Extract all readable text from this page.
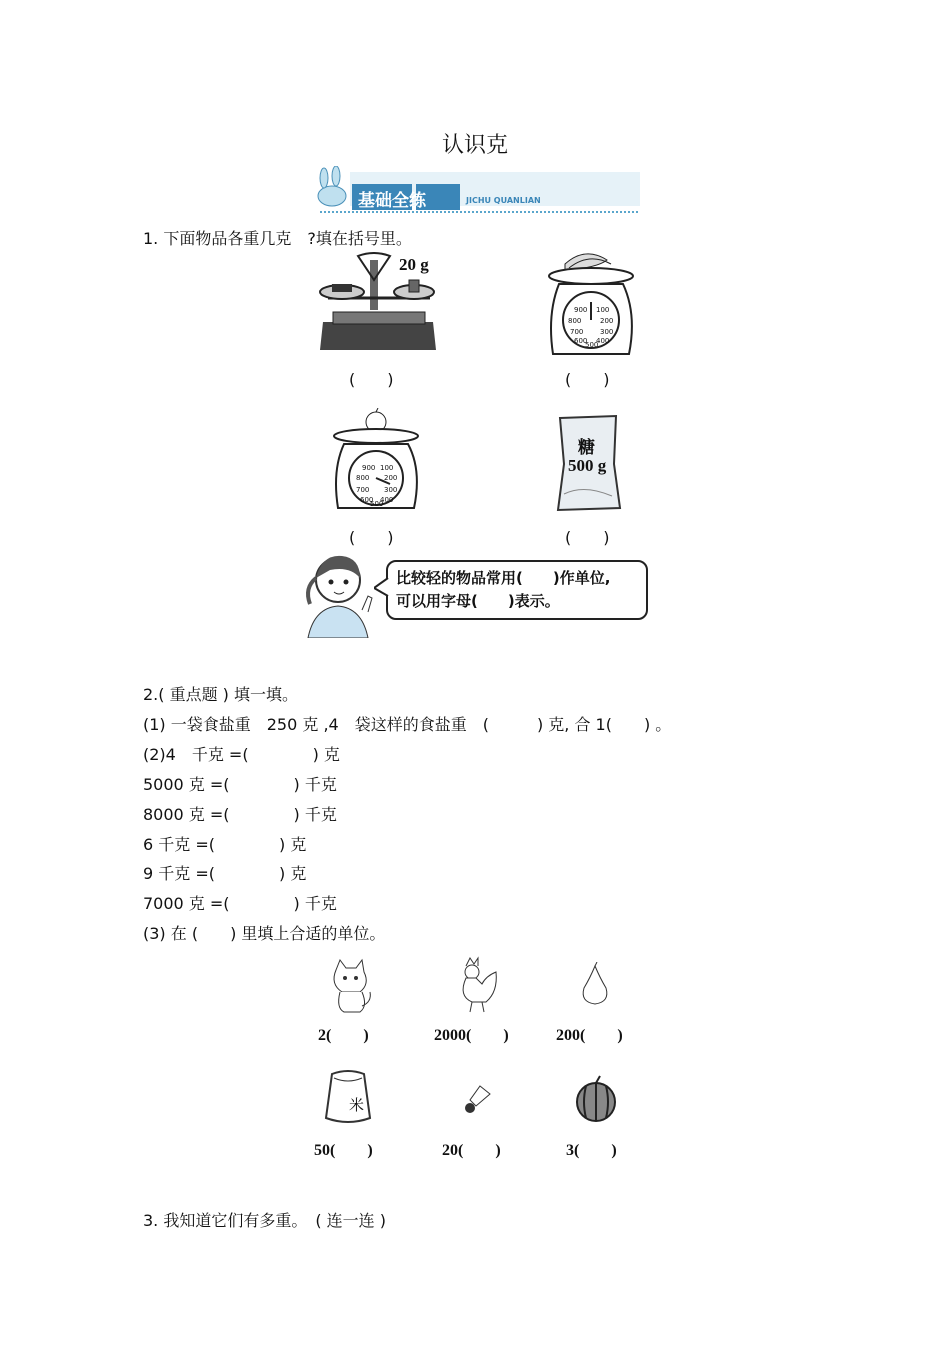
认识克
基础全练	JICHU QUANLIAN
1. 下面物品各重几克　?填在括号里。
20 g
900 100
800	200
700 300
600 400
500
(　　)	(　　)
900 100
800 200
700 300
600 400
500
糖
500 g
(　　)	(　　)
比较轻的物品常用(　　)作单位,
可以用字母(　　)表示。
2.( 重点题 ) 填一填。
(1) 一袋食盐重　250 克 ,4　袋这样的食盐重　(　　　) 克, 合 1(　　) 。
(2)4　千克 =(　　　　) 克
5000 克 =(　　　　) 千克
8000 克 =(　　　　) 千克
6 千克 =(　　　　) 克
9 千克 =(　　　　) 克
7000 克 =(　　　　) 千克
(3) 在 (　　) 里填上合适的单位。
2(　　)	2000(　　)	200(　　)
米
50(　　)	20(　　)	3(　　)
3. 我知道它们有多重。　( 连一连 )
